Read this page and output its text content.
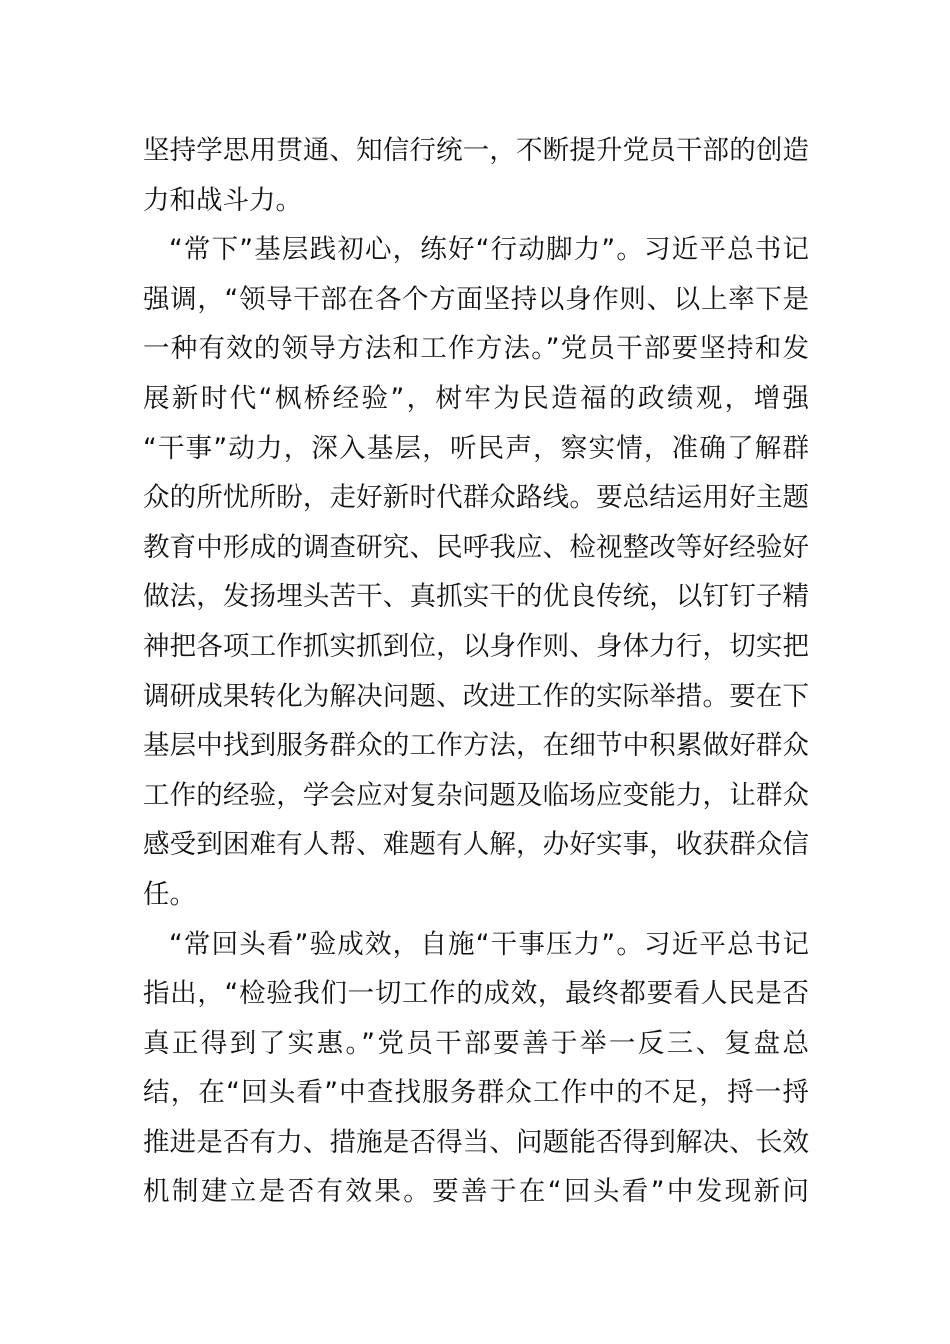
坚持学思用贯通、知信行统一，不断提升党员干部的创造
力和战斗力。
“常下”基层践初心，练好“行动脚力”。习近平总书记
强调，“领导干部在各个方面坚持以身作则、以上率下是
一种有效的领导方法和工作方法。”党员干部要坚持和发
展新时代“枫桥经验”，树牢为民造福的政绩观，增强
“干事”动力，深入基层，听民声，察实情，准确了解群
众的所忧所盼，走好新时代群众路线。要总结运用好主题
教育中形成的调查研究、民呼我应、检视整改等好经验好
做法，发扬埋头苦干、真抓实干的优良传统，以钉钉子精
神把各项工作抓实抓到位，以身作则、身体力行，切实把
调研成果转化为解决问题、改进工作的实际举措。要在下
基层中找到服务群众的工作方法，在细节中积累做好群众
工作的经验，学会应对复杂问题及临场应变能力，让群众
感受到困难有人帮、难题有人解，办好实事，收获群众信
任。
“常回头看”验成效，自施“干事压力”。习近平总书记
指出，“检验我们一切工作的成效，最终都要看人民是否
真正得到了实惠。”党员干部要善于举一反三、复盘总
结，在“回头看”中查找服务群众工作中的不足，捋一捋
推进是否有力、措施是否得当、问题能否得到解决、长效
机制建立是否有效果。要善于在“回头看”中发现新问
